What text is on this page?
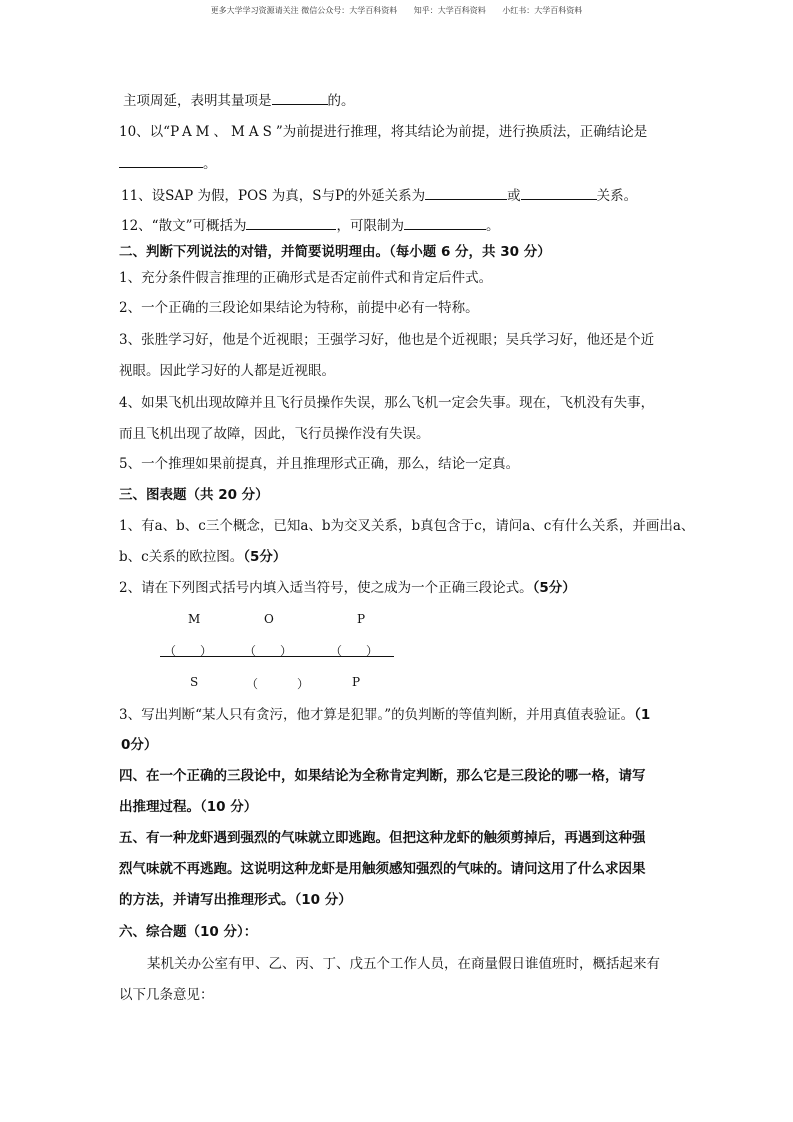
更多大学学习资源请关注 微信公众号：大学百科资料 知乎：大学百科资料 小红书：大学百科资料
主项周延，表明其量项是	的。
10、以“PAM、MAS”为前提进行推理，将其结论为前提，进行换质法，正确结论是
。
11、设SAP 为假，POS 为真，S与P的外延关系为	或	关系。
12、“散文”可概括为	，可限制为	。
二、判断下列说法的对错，并简要说明理由。（每小题 6 分，共 30 分）
1、充分条件假言推理的正确形式是否定前件式和肯定后件式。
2、一个正确的三段论如果结论为特称，前提中必有一特称。
3、张胜学习好，他是个近视眼；王强学习好，他也是个近视眼；吴兵学习好，他还是个近
视眼。因此学习好的人都是近视眼。
4、如果飞机出现故障并且飞行员操作失误，那么飞机一定会失事。现在，飞机没有失事，
而且飞机出现了故障，因此，飞行员操作没有失误。
5、一个推理如果前提真，并且推理形式正确，那么，结论一定真。
三、图表题（共 20 分）
1、有a、b、c三个概念，已知a、b为交叉关系，b真包含于c，请问a、c有什么关系，并画出a、
b、c关系的欧拉图。（5分）
2、请在下列图式括号内填入适当符号，使之成为一个正确三段论式。（5分）
M	O	P
（　　）	（　　）	（　　）
S	（	）	P
3、写出判断“某人只有贪污，他才算是犯罪。”的负判断的等值判断，并用真值表验证。（1
0分）
四、在一个正确的三段论中，如果结论为全称肯定判断，那么它是三段论的哪一格，请写
出推理过程。（10 分）
五、有一种龙虾遇到强烈的气味就立即逃跑。但把这种龙虾的触须剪掉后，再遇到这种强
烈气味就不再逃跑。这说明这种龙虾是用触须感知强烈的气味的。请问这用了什么求因果
的方法，并请写出推理形式。（10 分）
六、综合题（10 分）：
某机关办公室有甲、乙、丙、丁、戊五个工作人员，在商量假日谁值班时，概括起来有
以下几条意见：
